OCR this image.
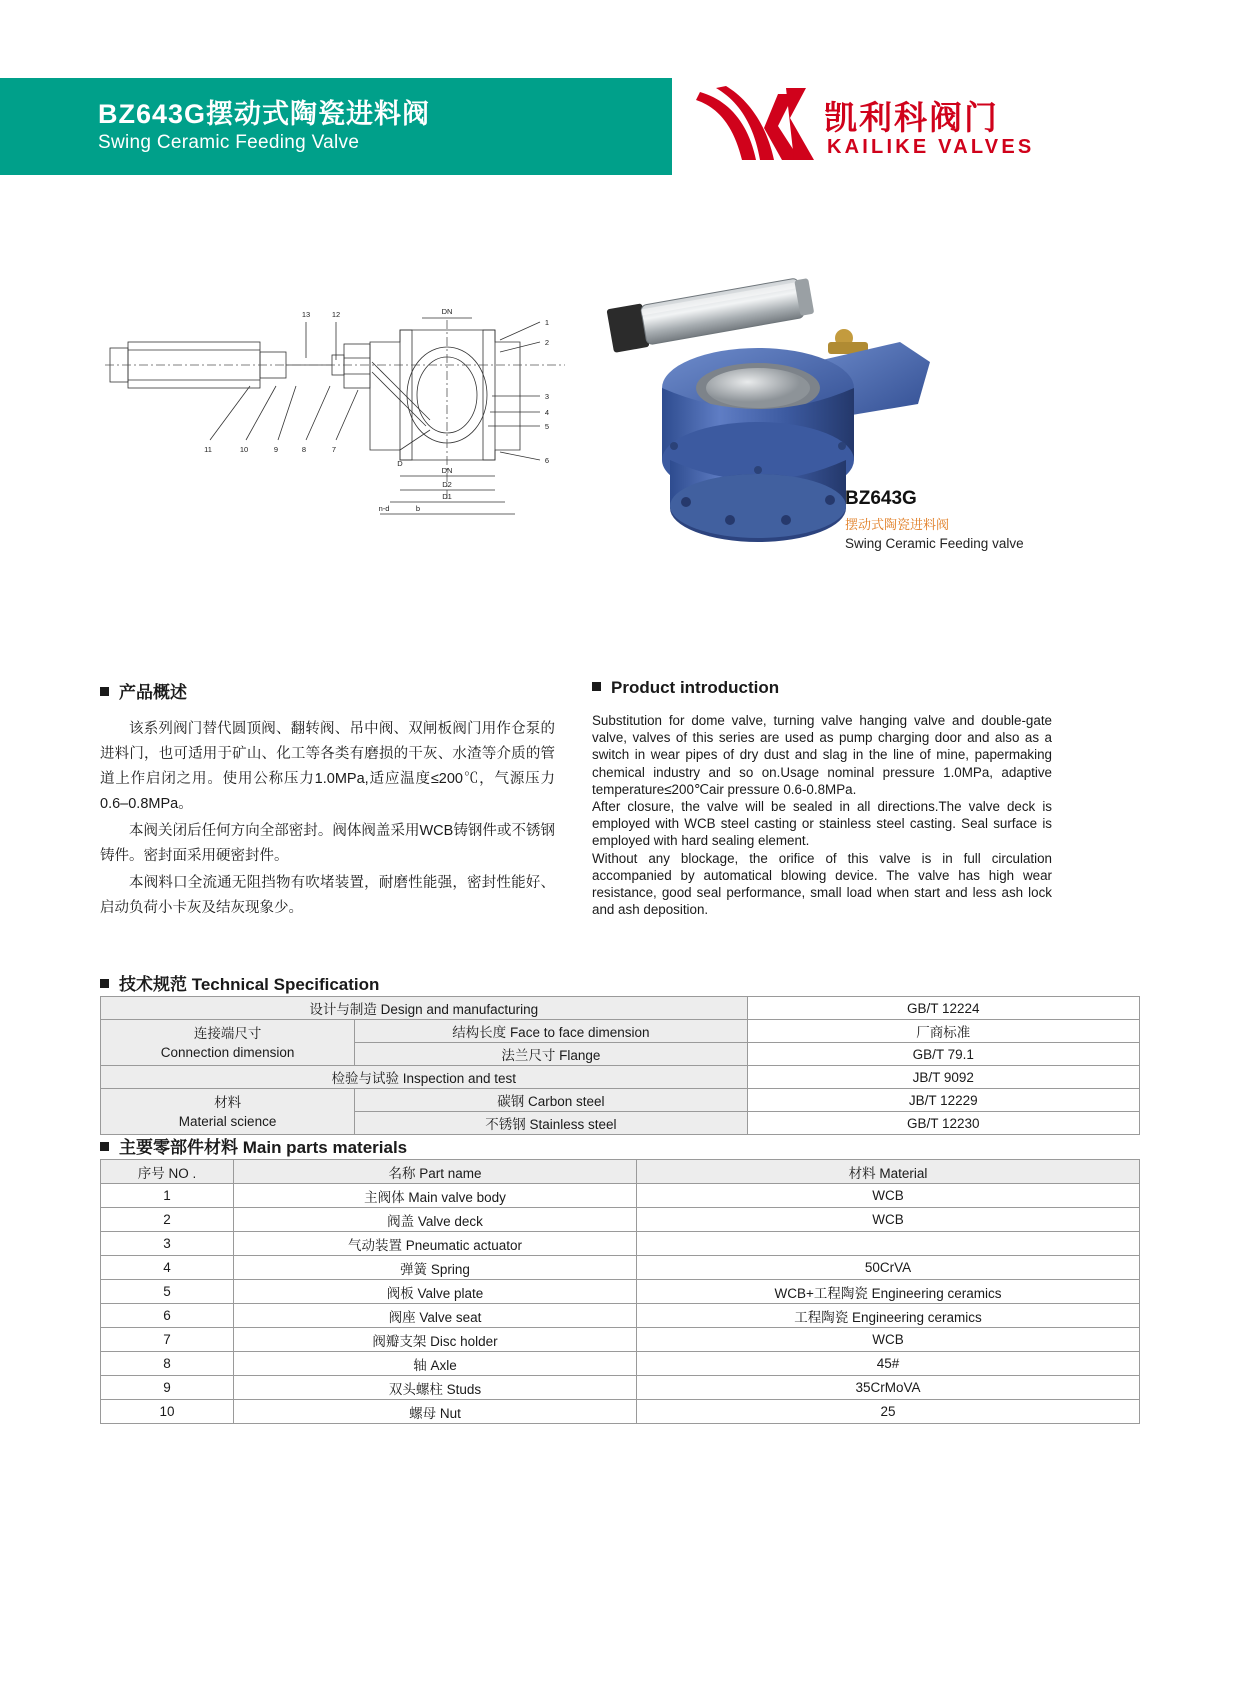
BZ643G摆动式陶瓷进料阀
Swing Ceramic Feeding Valve
凯利科阀门
KAILIKE VALVES
13	12
1
2
3
4
5
6
11	10	9	8	7
DN
DN
D2
D1
n-d	b
D
BZ643G
摆动式陶瓷进料阀
Swing Ceramic Feeding valve
产品概述

该系列阀门替代圆顶阀、翻转阀、吊中阀、双闸板阀门用作仓泵的进料门，也可适用于矿山、化工等各类有磨损的干灰、水渣等介质的管道上作启闭之用。使用公称压力1.0MPa,适应温度≤200℃，气源压力0.6–0.8MPa。

本阀关闭后任何方向全部密封。阀体阀盖采用WCB铸钢件或不锈钢铸件。密封面采用硬密封件。

本阀料口全流通无阻挡物有吹堵装置，耐磨性能强，密封性能好、启动负荷小卡灰及结灰现象少。

Product introduction

Substitution for dome valve, turning valve hanging valve and double-gate valve, valves of this series are used as pump charging door and also as a switch in wear pipes of dry dust and slag in the line of mine, papermaking chemical industry and so on.Usage nominal pressure 1.0MPa, adaptive temperature≤200℃air pressure 0.6-0.8MPa.

After closure, the valve will be sealed in all directions.The valve deck is employed with WCB steel casting or stainless steel casting. Seal surface is employed with hard sealing element.

Without any blockage, the orifice of this valve is in full circulation accompanied by automatical blowing device. The valve has high wear resistance, good seal performance, small load when start and less ash lock and ash deposition.

技术规范 Technical Specification
设计与制造 Design and manufacturing		GB/T 12224
连接端尺寸
Connection dimension	结构长度 Face to face dimension	厂商标准
	法兰尺寸 Flange	GB/T 79.1
检验与试验 Inspection and test		JB/T 9092
材料
Material science	碳钢 Carbon steel	JB/T 12229
	不锈钢 Stainless steel	GB/T 12230
主要零部件材料 Main parts materials
序号 NO .	名称 Part name	材料 Material
1	主阀体 Main valve body	WCB
2	阀盖 Valve deck	WCB
3	气动装置 Pneumatic actuator	
4	弹簧 Spring	50CrVA
5	阀板 Valve plate	WCB+工程陶瓷 Engineering ceramics
6	阀座 Valve seat	工程陶瓷 Engineering ceramics
7	阀瓣支架 Disc holder	WCB
8	轴 Axle	45#
9	双头螺柱 Studs	35CrMoVA
10	螺母 Nut	25
